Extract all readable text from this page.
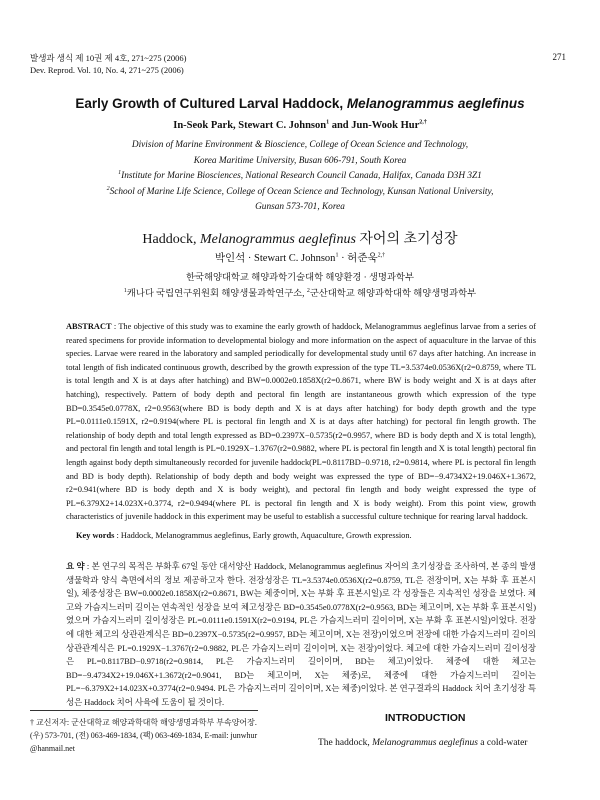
발생과 생식 제 10권 제 4호, 271~275 (2006)
Dev. Reprod. Vol. 10, No. 4, 271~275 (2006)
271
Early Growth of Cultured Larval Haddock, Melanogrammus aeglefinus
In-Seok Park, Stewart C. Johnson$^1$ and Jun-Wook Hur$^{2,\dagger}$
Division of Marine Environment & Bioscience, College of Ocean Science and Technology,
Korea Maritime University, Busan 606-791, South Korea
$^1$Institute for Marine Biosciences, National Research Council Canada, Halifax, Canada D3H 3Z1
$^2$School of Marine Life Science, College of Ocean Science and Technology, Kunsan National University,
Gunsan 573-701, Korea
Haddock, Melanogrammus aeglefinus 자어의 초기성장
박인석 · Stewart C. Johnson$^1$ · 허준욱$^{2,\dagger}$
한국해양대학교 해양과학기술대학 해양환경 · 생명과학부
$^1$캐나다 국립연구위원회 해양생물과학연구소, $^2$군산대학교 해양과학대학 해양생명과학부
ABSTRACT : The objective of this study was to examine the early growth of haddock, Melanogrammus aeglefinus larvae from a series of reared specimens for provide information to developmental biology and more information on the aspect of aquaculture in the larvae of this species. Larvae were reared in the laboratory and sampled periodically for developmental study until 67 days after hatching. An increase in total length of fish indicated continuous growth, described by the growth expression of the type TL=3.5374e0.0536X(r2=0.8759, where TL is total length and X is at days after hatching) and BW=0.0002e0.1858X(r2=0.8671, where BW is body weight and X is at days after hatching), respectively. Pattern of body depth and pectoral fin length are instantaneous growth which expression of the type BD=0.3545e0.0778X, r2=0.9563(where BD is body depth and X is at days after hatching) for body depth growth and the type PL=0.0111e0.1591X, r2=0.9194(where PL is pectoral fin length and X is at days after hatching) for pectoral fin length growth. The relationship of body depth and total length expressed as BD=0.2397X−0.5735(r2=0.9957, where BD is body depth and X is total length), and pectoral fin length and total length is PL=0.1929X−1.3767(r2=0.9882, where PL is pectoral fin length and X is total length) pectoral fin length against body depth simultaneously recorded for juvenile haddock(PL=0.8117BD−0.9718, r2=0.9814, where PL is pectoral fin length and BD is body depth). Relationship of body depth and body weight was expressed the type of BD=−9.4734X2+19.046X+1.3672, r2=0.941(where BD is body depth and X is body weight), and pectoral fin length and body weight expressed the type of PL=6.379X2+14.023X+0.3774, r2=0.9494(where PL is pectoral fin length and X is body weight). From this point view, growth characteristics of juvenile haddock in this experiment may be useful to establish a successful culture technique for rearing larval haddock.
Key words : Haddock, Melanogrammus aeglefinus, Early growth, Aquaculture, Growth expression.
요 약 : 본 연구의 목적은 부화후 67일 동안 대서양산 Haddock, Melanogrammus aeglefinus 자어의 초기성장을 조사하여, 본 종의 발생생물학과 양식 측면에서의 정보 제공하고자 한다. 전장성장은 TL=3.5374e0.0536X(r2=0.8759, TL은 전장이며, X는 부화 후 표본시일), 체중성장은 BW=0.0002e0.1858X(r2=0.8671, BW는 체중이며, X는 부화 후 표본시일)로 각 성장들은 지속적인 성장을 보였다. 체고와 가슴지느러미 길이는 연속적인 성장을 보여 체고성장은 BD=0.3545e0.0778X(r2=0.9563, BD는 체고이며, X는 부화 후 표본시일)였으며 가슴지느러미 길이성장은 PL=0.0111e0.1591X(r2=0.9194, PL은 가슴지느러미 길이이며, X는 부화 후 표본시일)이었다. 전장에 대한 체고의 상관관계식은 BD=0.2397X−0.5735(r2=0.9957, BD는 체고이며, X는 전장)이었으며 전장에 대한 가슴지느러미 길이의 상관관계식은 PL=0.1929X−1.3767(r2=0.9882, PL은 가슴지느러미 길이이며, X는 전장)이었다. 체고에 대한 가슴지느러미 길이성장은 PL=0.8117BD−0.9718(r2=0.9814, PL은 가슴지느러미 길이이며, BD는 체고)이었다. 체중에 대한 체고는 BD=−9.4734X2+19.046X+1.3672(r2=0.9041, BD는 체고이며, X는 체중)로, 체중에 대한 가슴지느러미 길이는 PL=−6.379X2+14.023X+0.3774(r2=0.9494. PL은 가슴지느러미 길이이며, X는 체중)이었다. 본 연구결과의 Haddock 치어 초기성장 특성은 Haddock 치어 사육에 도움이 될 것이다.
† 교신저자: 군산대학교 해양과학대학 해양생명과학부 부속양어장.
(우) 573-701, (전) 063-469-1834, (팩) 063-469-1834, E-mail: junwhur
@hanmail.net
INTRODUCTION
The haddock, Melanogrammus aeglefinus a cold-water
